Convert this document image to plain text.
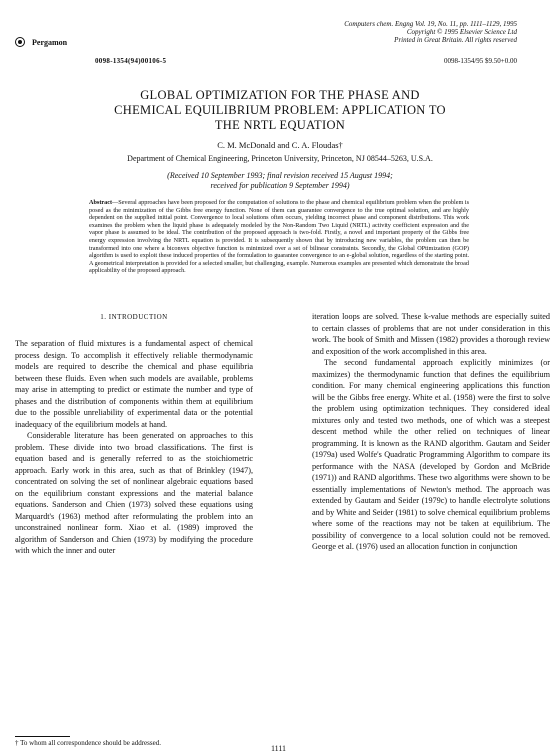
Pergamon
Computers chem. Engng Vol. 19, No. 11, pp. 1111–1129, 1995
Copyright © 1995 Elsevier Science Ltd
Printed in Great Britain. All rights reserved
0098-1354(94)00106-5	0098-1354/95 $9.50+0.00
GLOBAL OPTIMIZATION FOR THE PHASE AND
CHEMICAL EQUILIBRIUM PROBLEM: APPLICATION TO
THE NRTL EQUATION
C. M. McDonald and C. A. Floudas†
Department of Chemical Engineering, Princeton University, Princeton, NJ 08544–5263, U.S.A.
(Received 10 September 1993; final revision received 15 August 1994;
received for publication 9 September 1994)
Abstract—Several approaches have been proposed for the computation of solutions to the phase and chemical equilibrium problem when the problem is posed as the minimization of the Gibbs free energy function. None of them can guarantee convergence to the true optimal solution, and are highly dependent on the supplied initial point. Convergence to local solutions often occurs, yielding incorrect phase and component distributions. This work examines the problem when the liquid phase is adequately modeled by the Non-Random Two Liquid (NRTL) activity coefficient expression and the vapor phase is assumed to be ideal. The contribution of the proposed approach is two-fold. Firstly, a novel and important property of the Gibbs free energy expression involving the NRTL equation is provided. It is subsequently shown that by introducing new variables, the problem can then be transformed into one where a biconvex objective function is minimized over a set of bilinear constraints. Secondly, the Global OPtimization (GOP) algorithm is used to exploit these induced properties of the formulation to guarantee convergence to an e-global solution, regardless of the starting point. A geometrical interpretation is provided for a selected smaller, but challenging, example. Numerous examples are presented which demonstrate the broad applicability of the proposed approach.
1. INTRODUCTION

The separation of fluid mixtures is a fundamental aspect of chemical process design. To accomplish it effectively reliable thermodynamic models are required to describe the chemical and phase equilibria between these fluids. Even when such models are available, problems may arise in attempting to predict or estimate the number and type of phases and the distribution of components within them at equilibrium due to the possible unreliability of experimental data or the potential inadequacy of the equilibrium models at hand.

Considerable literature has been generated on approaches to this problem. These divide into two broad classifications. The first is equation based and is generally referred to as the stoichiometric approach. Early work in this area, such as that of Brinkley (1947), concentrated on solving the set of nonlinear algebraic equations based on the equilibrium constant expressions and the material balance equations. Sanderson and Chien (1973) solved these equations using Marquardt's (1963) method after reformulating the problem into an unconstrained nonlinear form. Xiao et al. (1989) improved the algorithm of Sanderson and Chien (1973) by modifying the procedure with which the inner and outer

iteration loops are solved. These k-value methods are especially suited to certain classes of problems that are not under consideration in this work. The book of Smith and Missen (1982) provides a thorough review and exposition of the work accomplished in this area.

The second fundamental approach explicitly minimizes (or maximizes) the thermodynamic function that defines the equilibrium condition. For many chemical engineering applications this function will be the Gibbs free energy. White et al. (1958) were the first to solve the problem using optimization techniques. They considered ideal mixtures only and tested two methods, one of which was a steepest descent method while the other relied on techniques of linear programming. It is known as the RAND algorithm. Gautam and Seider (1979a) used Wolfe's Quadratic Programming Algorithm to compare its performance with the NASA (developed by Gordon and McBride (1971)) and RAND algorithms. These two algorithms were shown to be essentially implementations of Newton's method. The approach was extended by Gautam and Seider (1979c) to handle electrolyte solutions and by White and Seider (1981) to solve chemical equilibrium problems where some of the reactions may not be taken at equilibrium. The possibility of convergence to a local solution could not be removed. George et al. (1976) used an allocation function in conjunction

† To whom all correspondence should be addressed.
1111
